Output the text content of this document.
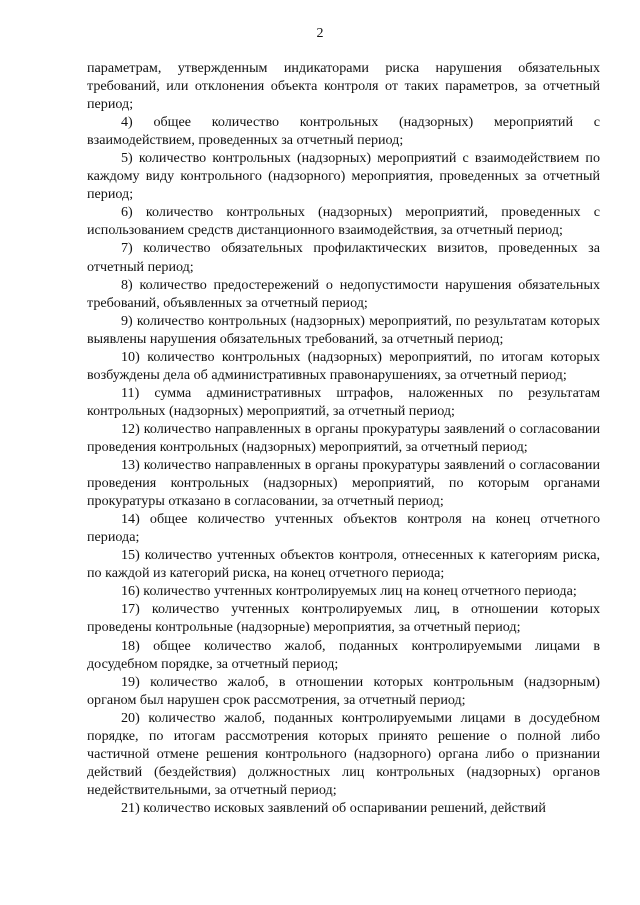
2

параметрам, утвержденным индикаторами риска нарушения обязательных требований, или отклонения объекта контроля от таких параметров, за отчетный период;

4) общее количество контрольных (надзорных) мероприятий с взаимодействием, проведенных за отчетный период;

5) количество контрольных (надзорных) мероприятий с взаимодействием по каждому виду контрольного (надзорного) мероприятия, проведенных за отчетный период;

6) количество контрольных (надзорных) мероприятий, проведенных с использованием средств дистанционного взаимодействия, за отчетный период;

7) количество обязательных профилактических визитов, проведенных за отчетный период;

8) количество предостережений о недопустимости нарушения обязательных требований, объявленных за отчетный период;

9) количество контрольных (надзорных) мероприятий, по результатам которых выявлены нарушения обязательных требований, за отчетный период;

10) количество контрольных (надзорных) мероприятий, по итогам которых возбуждены дела об административных правонарушениях, за отчетный период;

11) сумма административных штрафов, наложенных по результатам контрольных (надзорных) мероприятий, за отчетный период;

12) количество направленных в органы прокуратуры заявлений о согласовании проведения контрольных (надзорных) мероприятий, за отчетный период;

13) количество направленных в органы прокуратуры заявлений о согласовании проведения контрольных (надзорных) мероприятий, по которым органами прокуратуры отказано в согласовании, за отчетный период;

14) общее количество учтенных объектов контроля на конец отчетного периода;

15) количество учтенных объектов контроля, отнесенных к категориям риска, по каждой из категорий риска, на конец отчетного периода;

16) количество учтенных контролируемых лиц на конец отчетного периода;

17) количество учтенных контролируемых лиц, в отношении которых проведены контрольные (надзорные) мероприятия, за отчетный период;

18) общее количество жалоб, поданных контролируемыми лицами в досудебном порядке, за отчетный период;

19) количество жалоб, в отношении которых контрольным (надзорным) органом был нарушен срок рассмотрения, за отчетный период;

20) количество жалоб, поданных контролируемыми лицами в досудебном порядке, по итогам рассмотрения которых принято решение о полной либо частичной отмене решения контрольного (надзорного) органа либо о признании действий (бездействия) должностных лиц контрольных (надзорных) органов недействительными, за отчетный период;

21) количество исковых заявлений об оспаривании решений, действий
